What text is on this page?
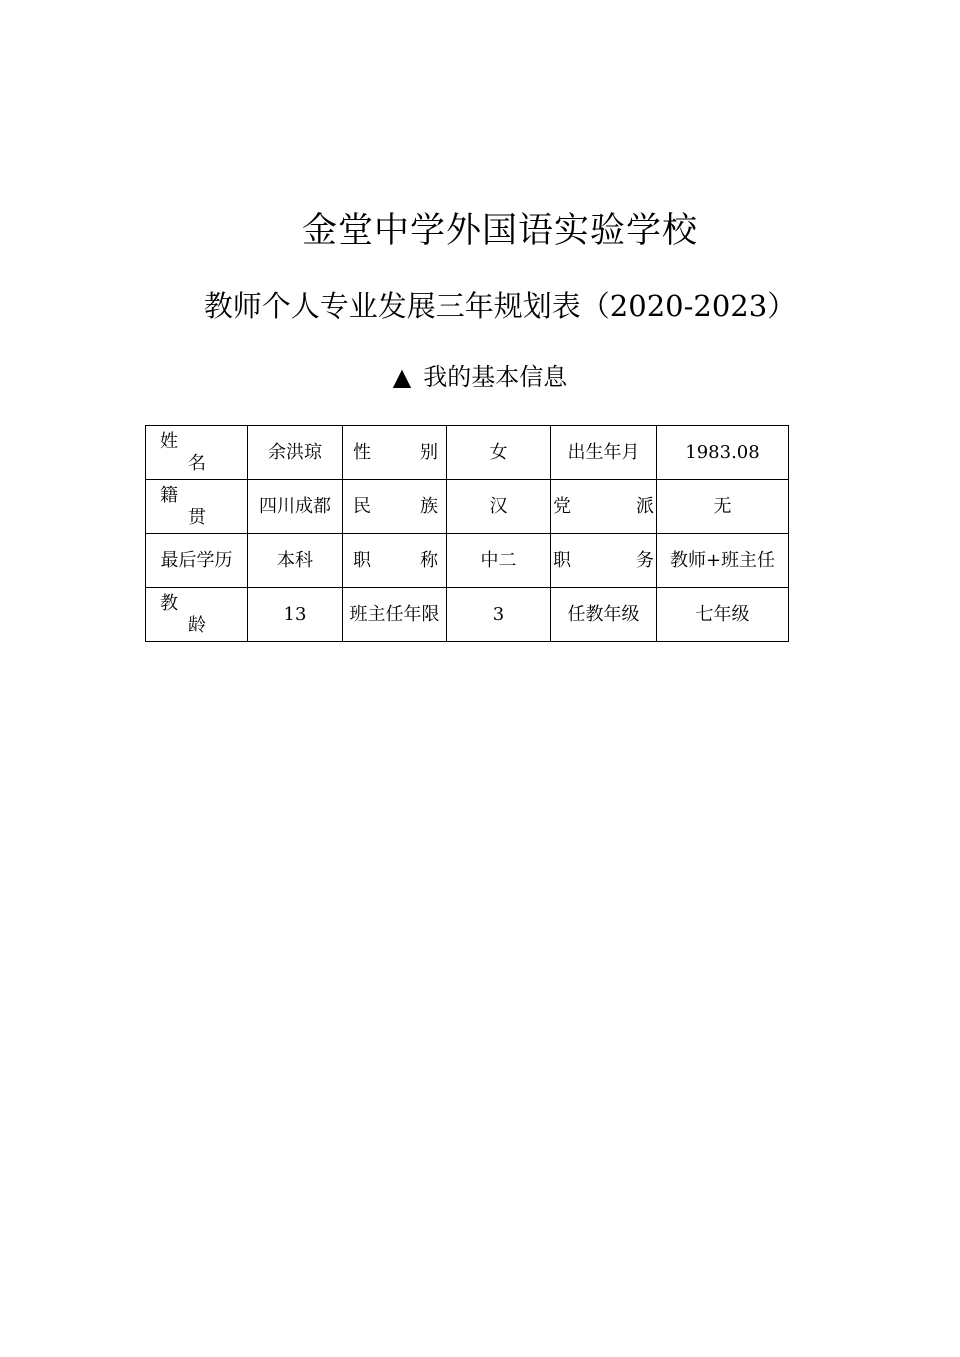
金堂中学外国语实验学校
教师个人专业发展三年规划表（2020-2023）
▲ 我的基本信息
姓
名	余洪琼	性 别	女	出生年月	1983.08

籍
贯	四川成都	民 族	汉	党 派	无
最后学历	本科	职 称	中二	职 务	教师+班主任

教
龄	13	班主任年限	3	任教年级	七年级
